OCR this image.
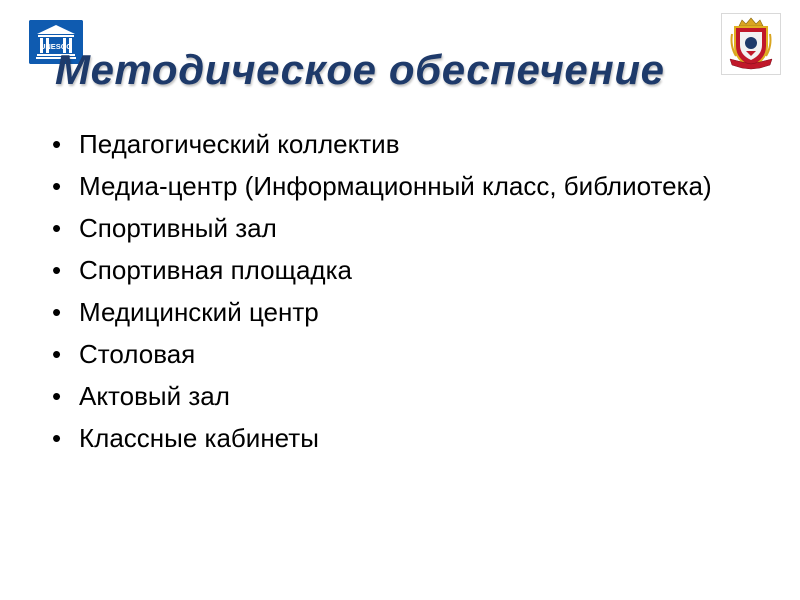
UNESCO
Методическое обеспечение
• Педагогический коллектив
• Медиа-центр (Информационный класс, библиотека)
• Спортивный зал
• Спортивная площадка
• Медицинский центр
• Столовая
• Актовый зал
• Классные кабинеты
